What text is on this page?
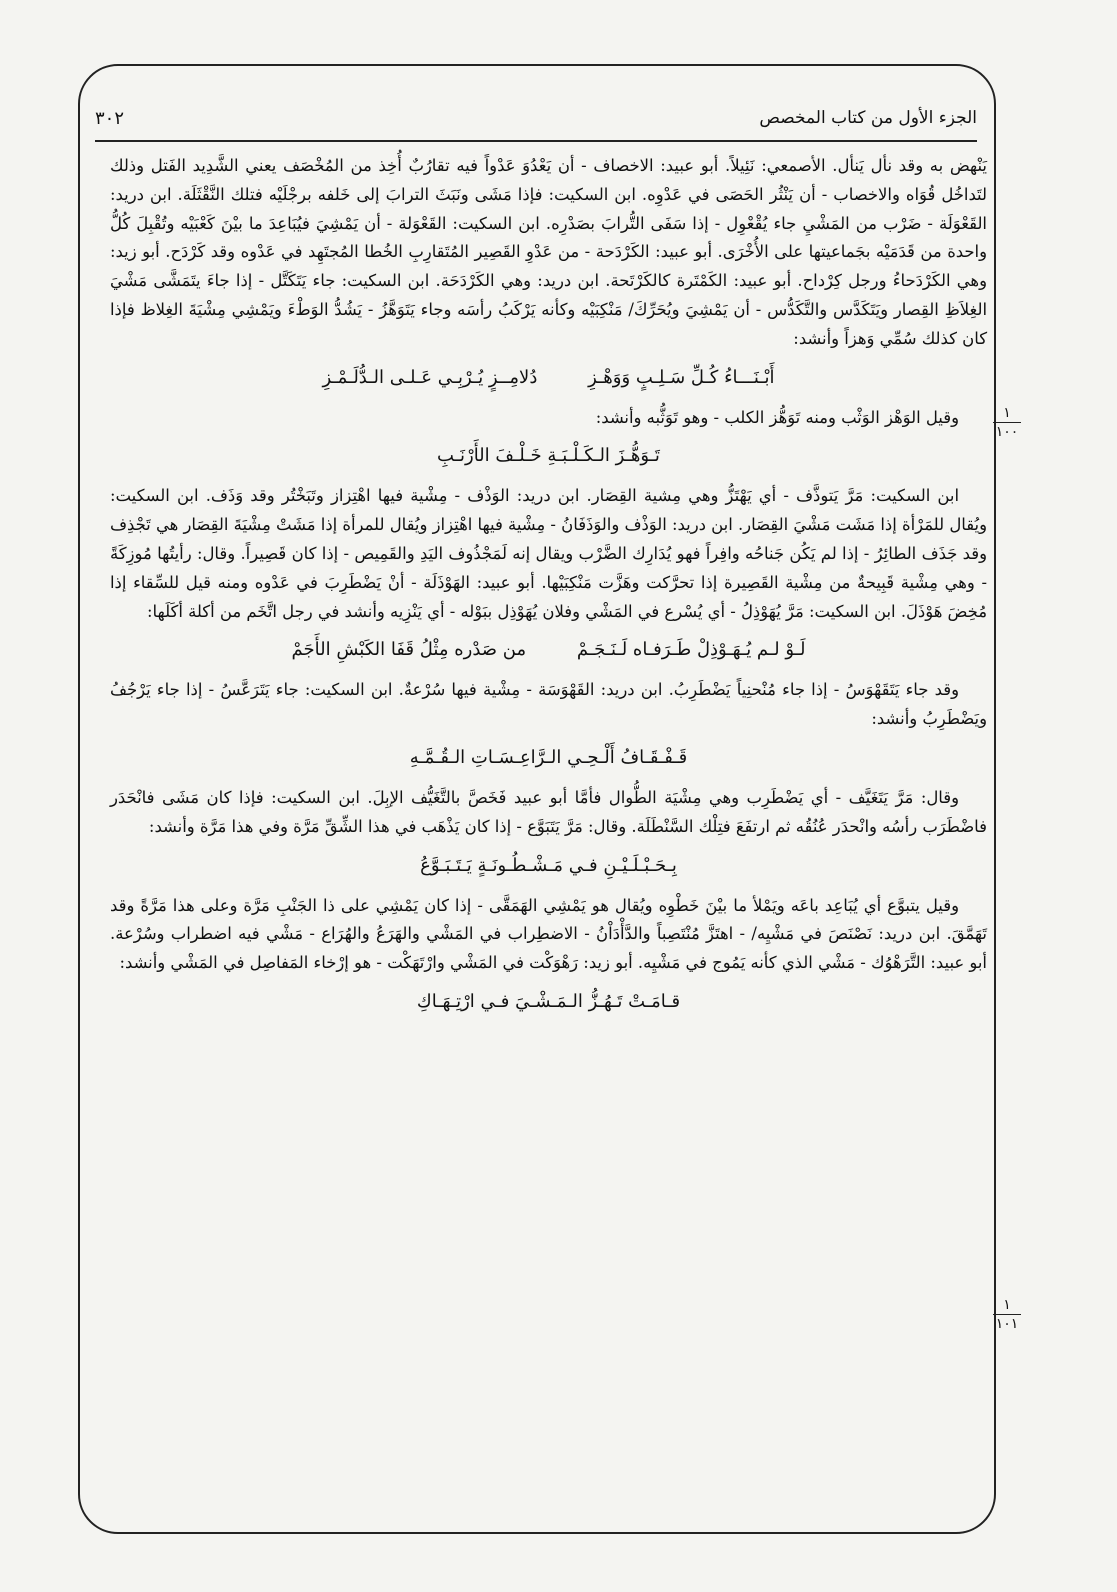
٣٠٢	الجزء الأول من كتاب المخصص
١
١٠٠
١
١٠١

يَنْهض به وقد نأل يَنأل. الأصمعي: نَئِيلاً. أبو عبيد: الاخصاف - أن يَعْدُوَ عَدْواً فيه تقارُبٌ أُخِذ من المُخْصَف يعني الشَّدِيد الفَتل وذلك لتَداخُل قُوَاه والاخصاب - أن يَنْثُر الحَصَى في عَدْوِه. ابن السكيت: فإذا مَشَى ونَبَثَ الترابَ إلى خَلفه برجْلَيْه فتلك النَّقْثَلَة. ابن دريد: القَعْوَلَة - ضَرْب من المَشْيِ جاء يُقْعْوِل - إذا سَفَى التُّرابَ بصَدْرِه. ابن السكيت: القَعْوَلة - أن يَمْشِيَ فيُبَاعِدَ ما بيْنَ كَعْبَيْه وتُقْبِلَ كُلُّ واحدة من قَدَمَيْه بجَماعيتها على الأُخْرَى. أبو عبيد: الكَرْدَحة - من عَدْوِ القَصِير المُتَقارِبِ الخُطا المُجتَهِد في عَدْوه وقد كَرْدَح. أبو زيد: وهي الكَرْدَحاءُ ورجل كِرْداح. أبو عبيد: الكَمْتَرة كالكَرْتَحة. ابن دريد: وهي الكَرْدَحَة. ابن السكيت: جاء يَتَكَتَّل - إذا جاءَ يتَمَشَّى مَشْيَ الغِلاَظِ القِصار ويَتَكَدَّس والتَّكَدُّس - أن يَمْشِيَ ويُحَرِّكَ/ مَنْكِبَيْه وكأنه يَرْكَبُ رأسَه وجاء يَتَوَهَّزُ - يَشُدُّ الوَطْءَ ويَمْشِي مِشْيَةَ الغِلاظ فإذا كان كذلك سُمِّي وَهزاً وأنشد:

أَبْـنَـــاءُ كُـلِّ سَـلِـبٍ وَوَهْـزِ دُلامِــزٍ يُـرْبِـي عَـلـى الـدُّلَـمْـزِ

وقيل الوَهْز الوَثْب ومنه تَوَهُّز الكلب - وهو تَوَثُّبه وأنشد:

تَـوَهُّـزَ الـكَـلْـبَـةِ خَـلْـفَ الأَرْنَـبِ

ابن السكيت: مَرَّ يَتوذَّف - أي يَهْتَزُّ وهي مِشية القِصَار. ابن دريد: الوَذْف - مِشْية فيها اهْتِزاز وتَبَخْتُر وقد وَذَف. ابن السكيت: ويُقال للمَرْأة إذا مَشَت مَشْيَ القِصَار. ابن دريد: الوَذْف والوَذَفَانُ - مِشْية فيها اهْتِزاز ويُقال للمرأة إذا مَشَتْ مِشْيَةَ القِصَار هي تَجْذِف وقد جَذَف الطائِرُ - إذا لم يَكُن جَناحُه وافِراً فهو يُدَارِك الضَّرْب ويقال إنه لَمَجْذُوف اليَدِ والقَمِيص - إذا كان قَصِيراً. وقال: رأيتُها مُوزِكَةً - وهي مِشْية قَبِيحةٌ من مِشْية القَصِيرة إذا تحرَّكت وهَزَّت مَنْكِبَيْها. أبو عبيد: الهَوْذَلَة - أنْ يَضْطَرِبَ في عَدْوه ومنه قيل للسِّقاء إذا مُخِضَ هَوْذَلَ. ابن السكيت: مَرَّ يُهَوْذِلُ - أي يُسْرع في المَشْي وفلان يُهَوْذِل ببَوْله - أي يَنْزِيه وأنشد في رجل اتَّخَم من أكلة أكَلَها:

لَـوْ لـم يُـهَـوْذِلْ طَـرَفـاه لَـنَـجَـمْ من صَدْره مِثْلُ قَفَا الكَبْشِ الأَجَمْ

وقد جاء يَتَقَهْوَسُ - إذا جاء مُنْحنِياً يَضْطَرِبُ. ابن دريد: القَهْوَسَة - مِشْية فيها سُرْعةٌ. ابن السكيت: جاء يَتَرَعَّسُ - إذا جاء يَرْجُفُ ويَضْطَرِبُ وأنشد:

قَـفْـقَـافُ أَلْـحِـي الـرَّاعِـسَـاتِ الـقُـمَّـهِ

وقال: مَرَّ يَتَغَيَّف - أي يَضْطَرِب وهي مِشْيَة الطُّوال فأمَّا أبو عبيد فَخَصَّ بالتَّغَيُّف الإبِلَ. ابن السكيت: فإذا كان مَشَى فانْحَدَر فاضْطَرَب رأسُه وانْحدَر عُنُقُه ثم ارتفَعَ فتِلْك السَّنْطَلَة. وقال: مَرَّ يَتَبَوَّع - إذا كان يَذْهَب في هذا الشِّقِّ مَرَّة وفي هذا مَرَّة وأنشد:

بِـحَـبْـلَـيْـنِ فـي مَـشْـطُـونَـةٍ يَـتَـبَـوَّعُ

وقيل يتبوَّع أي يُبَاعِد باعَه ويَمْلأ ما بيْنَ خَطْوِه ويُقال هو يَمْشِي الهَمَقَّى - إذا كان يَمْشِي على ذا الجَنْبِ مَرَّة وعلى هذا مَرَّةً وقد تَهَمَّقَ. ابن دريد: نَصْنَصَ في مَشْيِه/ - اهتَزَّ مُنْتَصِباً والدَّأْدَاْنُ - الاضطِراب في المَشْي والهَرَعُ والهُرَاع - مَشْي فيه اضطراب وسُرْعة. أبو عبيد: التَّرَهْوُك - مَشْي الذي كأنه يَمُوج في مَشْيِه. أبو زيد: رَهْوَكْت في المَشْي وارْتَهَكْت - هو إرْخاء المَفاصِل في المَشْي وأنشد:

قـامَـتْ تَـهُـزُّ الـمَـشْـيَ فـي ارْتِـهَـاكِ
